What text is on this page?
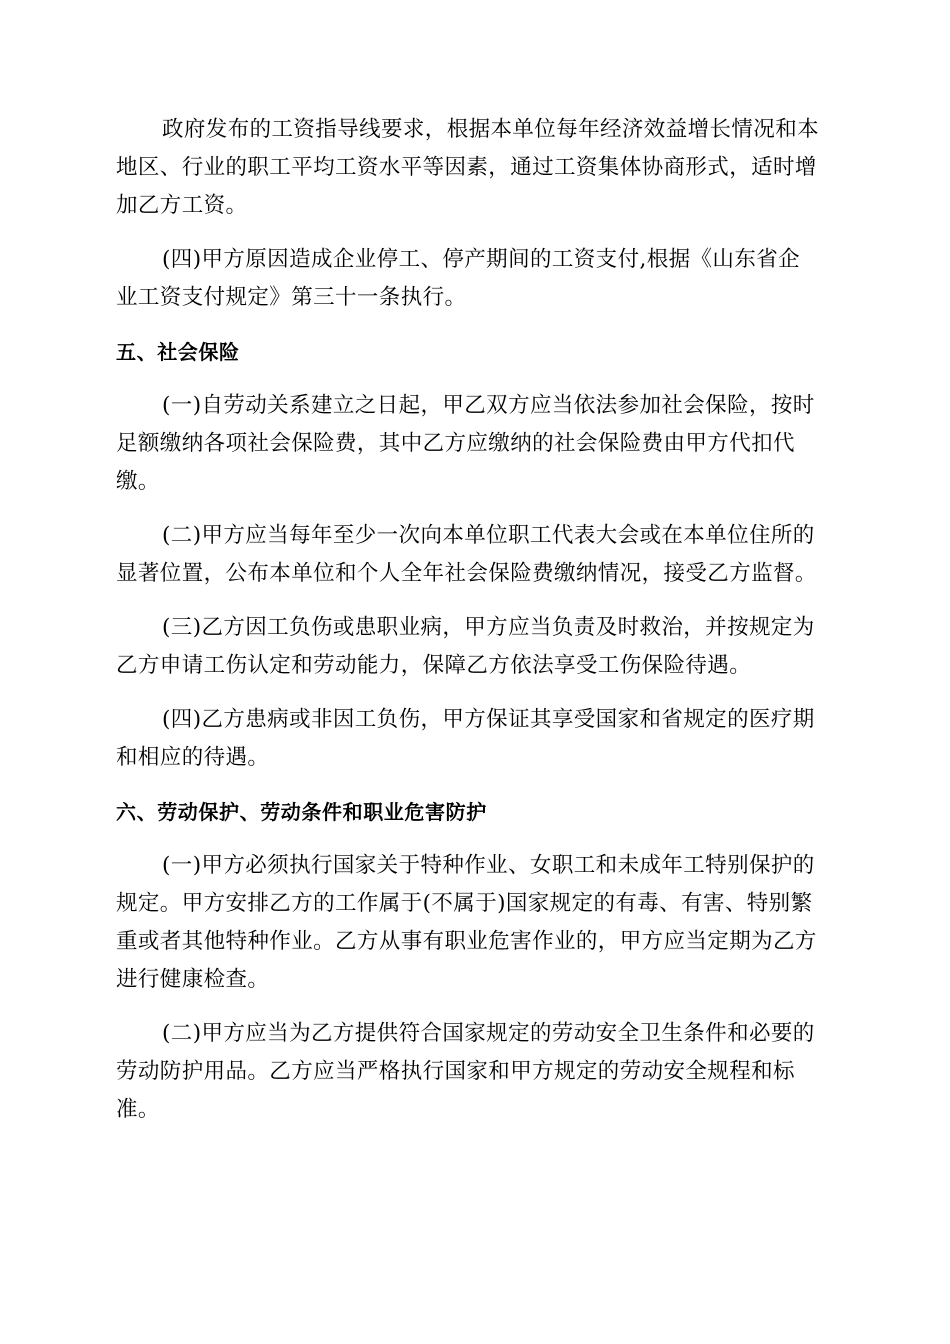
政府发布的工资指导线要求，根据本单位每年经济效益增长情况和本
地区、行业的职工平均工资水平等因素，通过工资集体协商形式，适时增
加乙方工资。
(四)甲方原因造成企业停工、停产期间的工资支付,根据《山东省企
业工资支付规定》第三十一条执行。
五、社会保险
(一)自劳动关系建立之日起，甲乙双方应当依法参加社会保险，按时
足额缴纳各项社会保险费，其中乙方应缴纳的社会保险费由甲方代扣代
缴。
(二)甲方应当每年至少一次向本单位职工代表大会或在本单位住所的
显著位置，公布本单位和个人全年社会保险费缴纳情况，接受乙方监督。
(三)乙方因工负伤或患职业病，甲方应当负责及时救治，并按规定为
乙方申请工伤认定和劳动能力，保障乙方依法享受工伤保险待遇。
(四)乙方患病或非因工负伤，甲方保证其享受国家和省规定的医疗期
和相应的待遇。
六、劳动保护、劳动条件和职业危害防护
(一)甲方必须执行国家关于特种作业、女职工和未成年工特别保护的
规定。甲方安排乙方的工作属于(不属于)国家规定的有毒、有害、特别繁
重或者其他特种作业。乙方从事有职业危害作业的，甲方应当定期为乙方
进行健康检查。
(二)甲方应当为乙方提供符合国家规定的劳动安全卫生条件和必要的
劳动防护用品。乙方应当严格执行国家和甲方规定的劳动安全规程和标
准。
